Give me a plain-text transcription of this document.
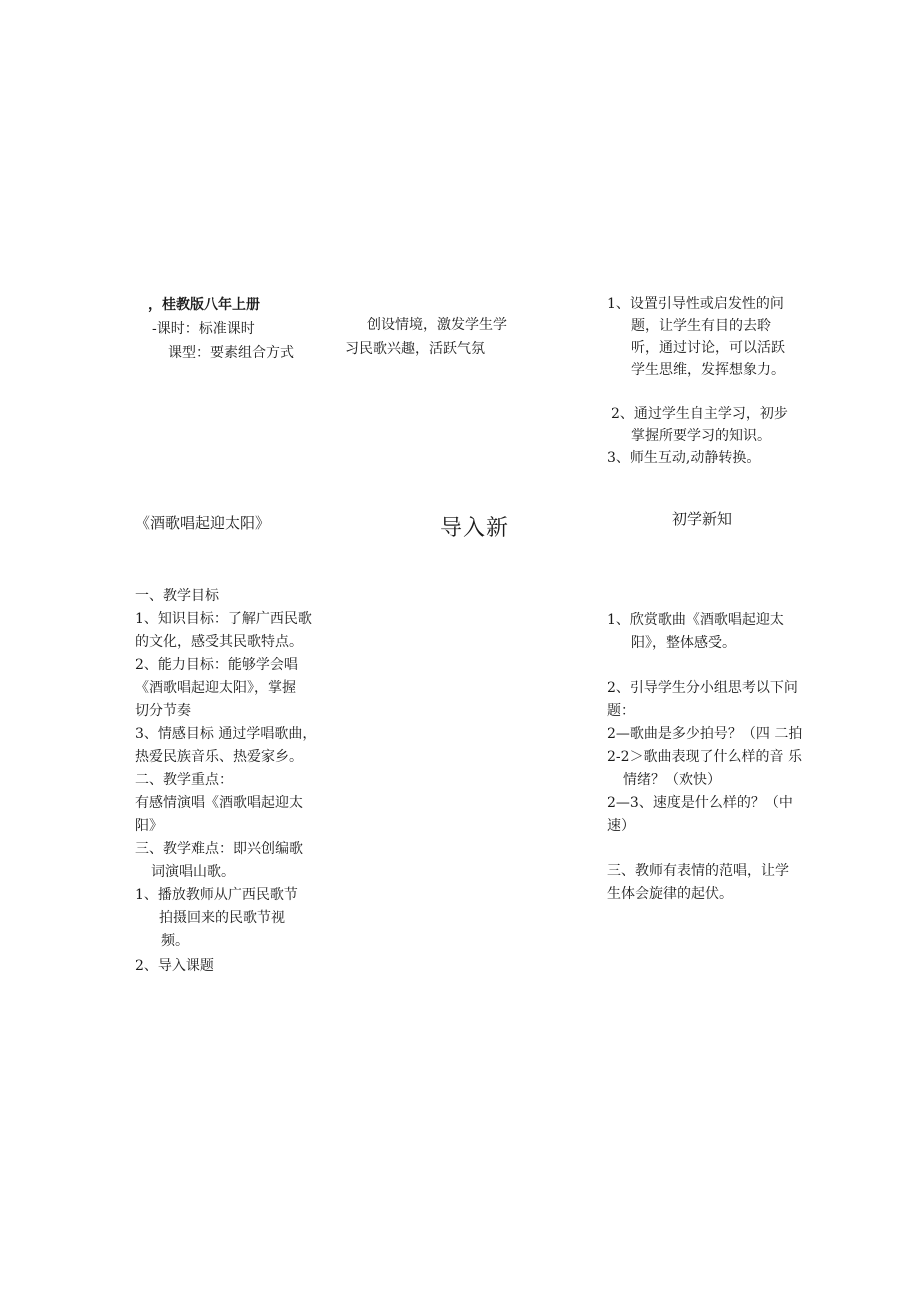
，桂教版八年上册
-课时：标准课时
课型：要素组合方式
创设情境，激发学生学
习民歌兴趣，活跃气氛
1、设置引导性或启发性的问
题，让学生有目的去聆
听，通过讨论，可以活跃
学生思维，发挥想象力。
2、通过学生自主学习，初步
掌握所要学习的知识。
3、师生互动,动静转换。
《酒歌唱起迎太阳》	导入新	初学新知
一、教学目标
1、知识目标：了解广西民歌
的文化，感受其民歌特点。
2、能力目标：能够学会唱
《酒歌唱起迎太阳》，掌握
切分节奏
3、情感目标 通过学唱歌曲，
热爱民族音乐、热爱家乡。
二、教学重点：
有感情演唱《酒歌唱起迎太
阳》
三、教学难点：即兴创编歌
词演唱山歌。
1、播放教师从广西民歌节
拍摄回来的民歌节视
频。
2、导入课题
1、欣赏歌曲《酒歌唱起迎太
阳》，整体感受。
2、引导学生分小组思考以下问
题：
2—歌曲是多少拍号？（四 二拍
2-2＞歌曲表现了什么样的音 乐
情绪？（欢快）
2—3、速度是什么样的？（中
速）
三、教师有表情的范唱，让学
生体会旋律的起伏。
